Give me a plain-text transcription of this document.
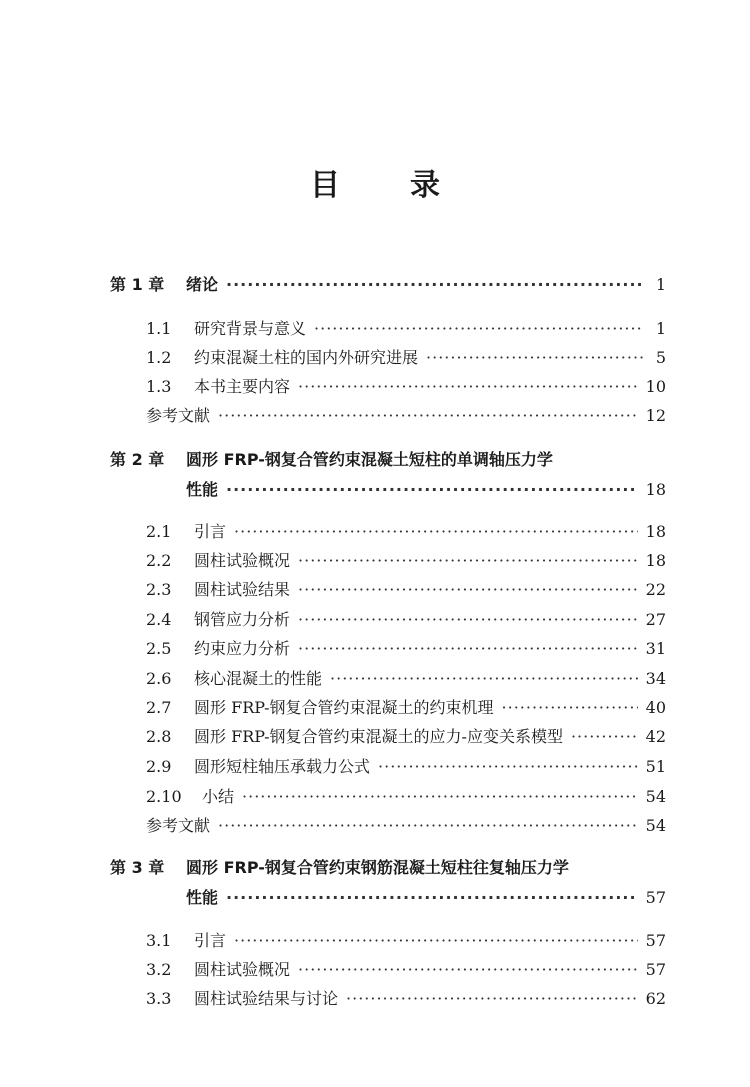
目 录
第 1 章	绪论 ·····	1
1.1	研究背景与意义 ·····	1
1.2	约束混凝土柱的国内外研究进展 ·····	5
1.3	本书主要内容 ·····	10
参考文献 ·····	12
第 2 章 圆形 FRP-钢复合管约束混凝土短柱的单调轴压力学
性能 ·····	18
2.1	引言 ·····	18
2.2	圆柱试验概况 ·····	18
2.3	圆柱试验结果 ·····	22
2.4	钢管应力分析 ·····	27
2.5	约束应力分析 ·····	31
2.6	核心混凝土的性能 ·····	34
2.7	圆形 FRP-钢复合管约束混凝土的约束机理 ·····	40
2.8	圆形 FRP-钢复合管约束混凝土的应力-应变关系模型 ·····	42
2.9	圆形短柱轴压承载力公式 ·····	51
2.10	小结 ·····	54
参考文献 ·····	54
第 3 章 圆形 FRP-钢复合管约束钢筋混凝土短柱往复轴压力学
性能 ·····	57
3.1	引言 ·····	57
3.2	圆柱试验概况 ·····	57
3.3	圆柱试验结果与讨论 ·····	62
